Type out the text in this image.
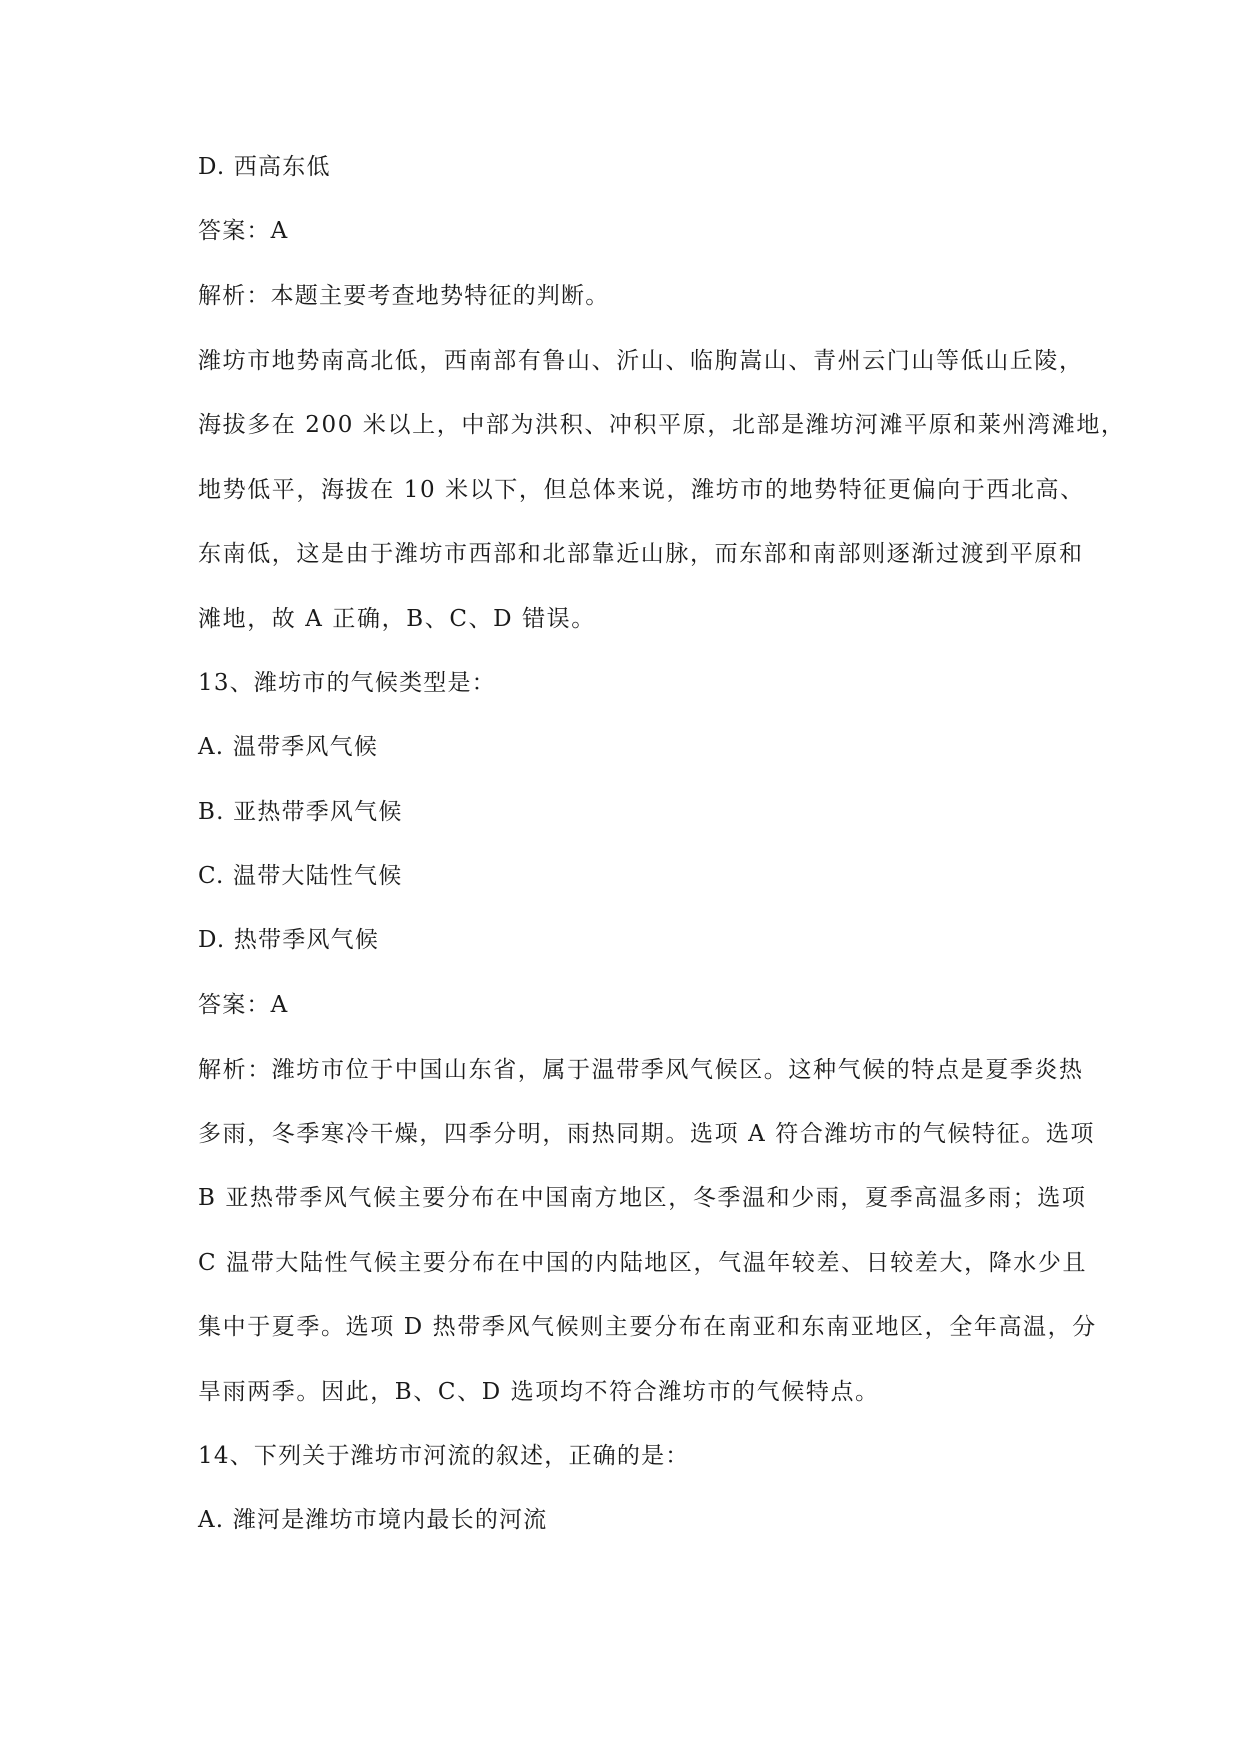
D. 西高东低

答案：A

解析：本题主要考查地势特征的判断。

潍坊市地势南高北低，西南部有鲁山、沂山、临朐嵩山、青州云门山等低山丘陵，

海拔多在 200 米以上，中部为洪积、冲积平原，北部是潍坊河滩平原和莱州湾滩地，

地势低平，海拔在 10 米以下，但总体来说，潍坊市的地势特征更偏向于西北高、

东南低，这是由于潍坊市西部和北部靠近山脉，而东部和南部则逐渐过渡到平原和

滩地，故 A 正确，B、C、D 错误。

13、潍坊市的气候类型是：

A. 温带季风气候

B. 亚热带季风气候

C. 温带大陆性气候

D. 热带季风气候

答案：A

解析：潍坊市位于中国山东省，属于温带季风气候区。这种气候的特点是夏季炎热

多雨，冬季寒冷干燥，四季分明，雨热同期。选项 A 符合潍坊市的气候特征。选项

B 亚热带季风气候主要分布在中国南方地区，冬季温和少雨，夏季高温多雨；选项

C 温带大陆性气候主要分布在中国的内陆地区，气温年较差、日较差大，降水少且

集中于夏季。选项 D 热带季风气候则主要分布在南亚和东南亚地区，全年高温，分

旱雨两季。因此，B、C、D 选项均不符合潍坊市的气候特点。

14、下列关于潍坊市河流的叙述，正确的是：

A. 潍河是潍坊市境内最长的河流
